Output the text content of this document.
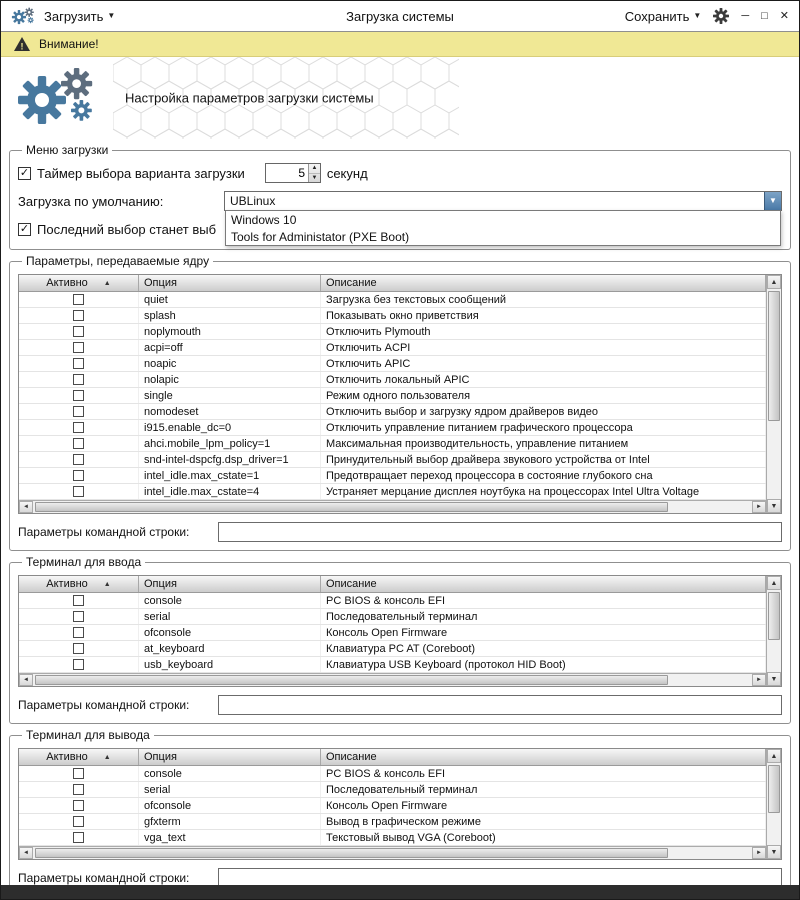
Загрузить ▼	Загрузка системы	Сохранить ▼	─ □ ✕
! Внимание!
Настройка параметров загрузки системы
Меню загрузки
✓ Таймер выбора варианта загрузки
5	▲
▼ секунд
Загрузка по умолчанию:	UBLinux	▼
Windows 10
Tools for Administator (PXE Boot)
✓ Последний выбор станет выб
Параметры, передаваемые ядру
Активно ▲	Опция	Описание
quiet	Загрузка без текстовых сообщений
splash	Показывать окно приветствия
noplymouth	Отключить Plymouth
acpi=off	Отключить ACPI
noapic	Отключить APIC
nolapic	Отключить локальный APIC
single	Режим одного пользователя
nomodeset	Отключить выбор и загрузку ядром драйверов видео
i915.enable_dc=0	Отключить управление питанием графического процессора
ahci.mobile_lpm_policy=1	Максимальная производительность, управление питанием
snd-intel-dspcfg.dsp_driver=1	Принудительный выбор драйвера звукового устройства от Intel
intel_idle.max_cstate=1	Предотвращает переход процессора в состояние глубокого сна
intel_idle.max_cstate=4	Устраняет мерцание дисплея ноутбука на процессорах Intel Ultra Voltage
◄	►
▲
▼
Параметры командной строки:
Терминал для ввода
Активно ▲	Опция	Описание
console	PC BIOS & консоль EFI
serial	Последовательный терминал
ofconsole	Консоль Open Firmware
at_keyboard	Клавиатура PC AT (Coreboot)
usb_keyboard	Клавиатура USB Keyboard (протокол HID Boot)
◄	►
▲
▼
Параметры командной строки:
Терминал для вывода
Активно ▲	Опция	Описание
console	PC BIOS & консоль EFI
serial	Последовательный терминал
ofconsole	Консоль Open Firmware
gfxterm	Вывод в графическом режиме
vga_text	Текстовый вывод VGA (Coreboot)
◄	►
▲
▼
Параметры командной строки:
